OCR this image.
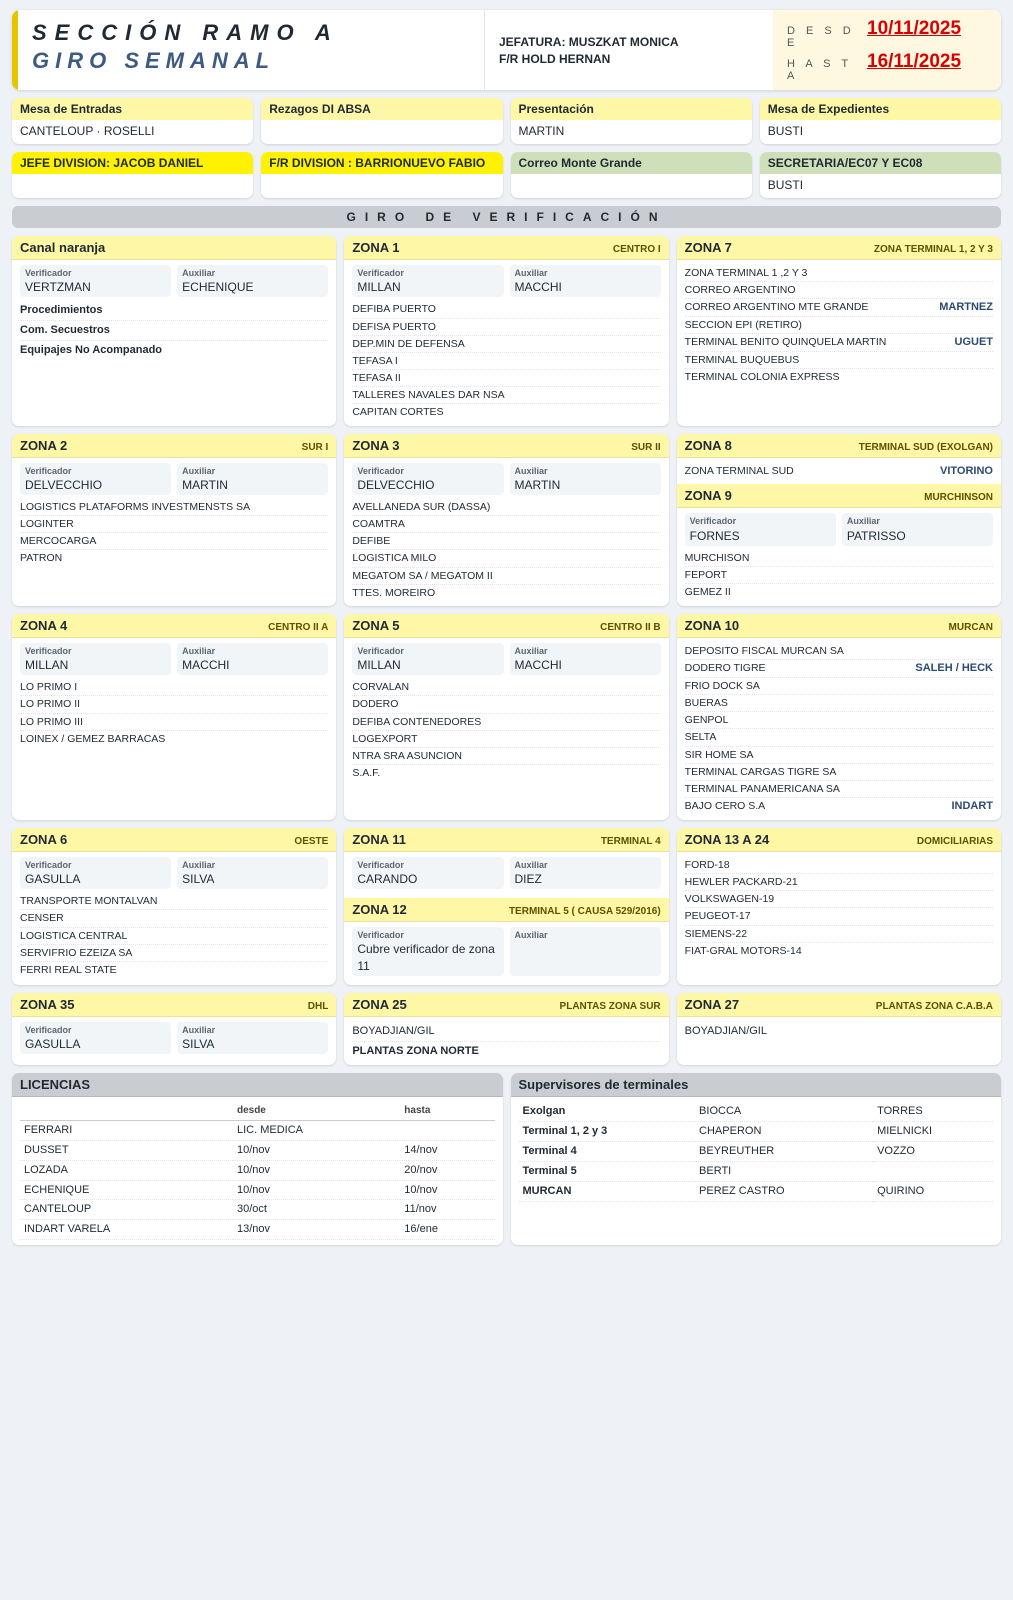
SECCIÓN RAMO A
GIRO SEMANAL
JEFATURA: MUSZKAT MONICA
F/R HOLD HERNAN
D E S D E
10/11/2025
H A S T A
16/11/2025
Mesa de Entradas
CANTELOUP · ROSELLI
Rezagos DI ABSA	Presentación
MARTIN
Mesa de Expedientes
BUSTI
JEFE DIVISION: JACOB DANIEL	F/R DIVISION : BARRIONUEVO FABIO	Correo Monte Grande	SECRETARIA/EC07 Y EC08
BUSTI
GIRO DE VERIFICACIÓN
Canal naranja
Verificador
VERTZMAN
Auxiliar
ECHENIQUE
Procedimientos
Com. Secuestros
Equipajes No Acompanado
ZONA 1	CENTRO I
Verificador
MILLAN
Auxiliar
MACCHI
DEFIBA PUERTO
DEFISA PUERTO
DEP.MIN DE DEFENSA
TEFASA I
TEFASA II
TALLERES NAVALES DAR NSA
CAPITAN CORTES
ZONA 7	ZONA TERMINAL 1, 2 Y 3
ZONA TERMINAL 1 ,2 Y 3
CORREO ARGENTINO
CORREO ARGENTINO MTE GRANDE	MARTNEZ
SECCION EPI (RETIRO)
TERMINAL BENITO QUINQUELA MARTIN	UGUET
TERMINAL BUQUEBUS
TERMINAL COLONIA EXPRESS
ZONA 2	SUR I
Verificador
DELVECCHIO
Auxiliar
MARTIN
LOGISTICS PLATAFORMS INVESTMENSTS SA
LOGINTER
MERCOCARGA
PATRON
ZONA 3	SUR II
Verificador
DELVECCHIO
Auxiliar
MARTIN
AVELLANEDA SUR (DASSA)
COAMTRA
DEFIBE
LOGISTICA MILO
MEGATOM SA / MEGATOM II
TTES. MOREIRO
ZONA 8	TERMINAL SUD (EXOLGAN)
ZONA TERMINAL SUD	VITORINO
ZONA 9	MURCHINSON
Verificador
FORNES
Auxiliar
PATRISSO
MURCHISON
FEPORT
GEMEZ II
ZONA 4	CENTRO II A
Verificador
MILLAN
Auxiliar
MACCHI
LO PRIMO I
LO PRIMO II
LO PRIMO III
LOINEX / GEMEZ BARRACAS
ZONA 5	CENTRO II B
Verificador
MILLAN
Auxiliar
MACCHI
CORVALAN
DODERO
DEFIBA CONTENEDORES
LOGEXPORT
NTRA SRA ASUNCION
S.A.F.
ZONA 10	MURCAN
DEPOSITO FISCAL MURCAN SA
DODERO TIGRE	SALEH / HECK
FRIO DOCK SA
BUERAS
GENPOL
SELTA
SIR HOME SA
TERMINAL CARGAS TIGRE SA
TERMINAL PANAMERICANA SA
BAJO CERO S.A	INDART
ZONA 6	OESTE
Verificador
GASULLA
Auxiliar
SILVA
TRANSPORTE MONTALVAN
CENSER
LOGISTICA CENTRAL
SERVIFRIO EZEIZA SA
FERRI REAL STATE
ZONA 11	TERMINAL 4
Verificador
CARANDO
Auxiliar
DIEZ
ZONA 12	TERMINAL 5 ( CAUSA 529/2016)
Verificador
Cubre verificador de zona 11
Auxiliar
ZONA 13 A 24	DOMICILIARIAS
FORD-18
HEWLER PACKARD-21
VOLKSWAGEN-19
PEUGEOT-17
SIEMENS-22
FIAT-GRAL MOTORS-14
ZONA 35	DHL
Verificador
GASULLA
Auxiliar
SILVA
ZONA 25	PLANTAS ZONA SUR
BOYADJIAN/GIL
PLANTAS ZONA NORTE
ZONA 27	PLANTAS ZONA C.A.B.A
BOYADJIAN/GIL
LICENCIAS
	desde	hasta
FERRARI	LIC. MEDICA	
DUSSET	10/nov	14/nov
LOZADA	10/nov	20/nov
ECHENIQUE	10/nov	10/nov
CANTELOUP	30/oct	11/nov
INDART VARELA	13/nov	16/ene
Supervisores de terminales
Exolgan	BIOCCA	TORRES
Terminal 1, 2 y 3	CHAPERON	MIELNICKI
Terminal 4	BEYREUTHER	VOZZO
Terminal 5	BERTI	
MURCAN	PEREZ CASTRO	QUIRINO
